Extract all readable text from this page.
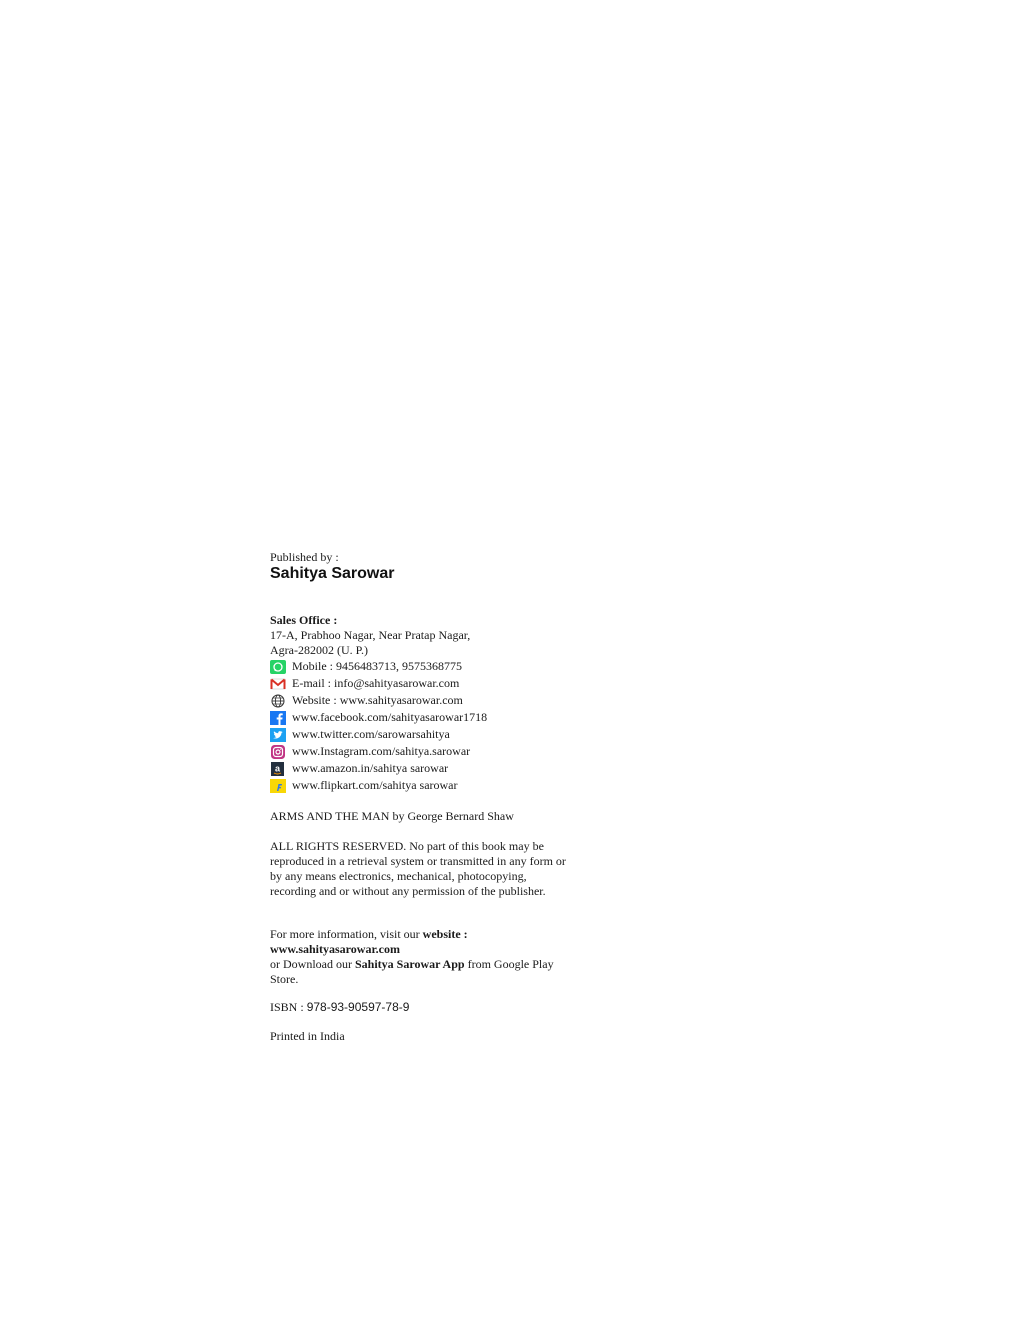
Published by :
Sahitya Sarowar
Sales Office :
17-A, Prabhoo Nagar, Near Pratap Nagar,
Agra-282002 (U. P.)
Mobile : 9456483713, 9575368775
E-mail : info@sahityasarowar.com
Website : www.sahityasarowar.com
www.facebook.com/sahityasarowar1718
www.twitter.com/sarowarsahitya
www.Instagram.com/sahitya.sarowar
a www.amazon.in/sahitya sarowar
www.flipkart.com/sahitya sarowar
ARMS AND THE MAN by George Bernard Shaw
ALL RIGHTS RESERVED. No part of this book may be reproduced in a retrieval system or transmitted in any form or by any means electronics, mechanical, photocopying, recording and or without any permission of the publisher.
For more information, visit our website :
www.sahityasarowar.com
or Download our Sahitya Sarowar App from Google Play Store.
ISBN : 978-93-90597-78-9
Printed in India
